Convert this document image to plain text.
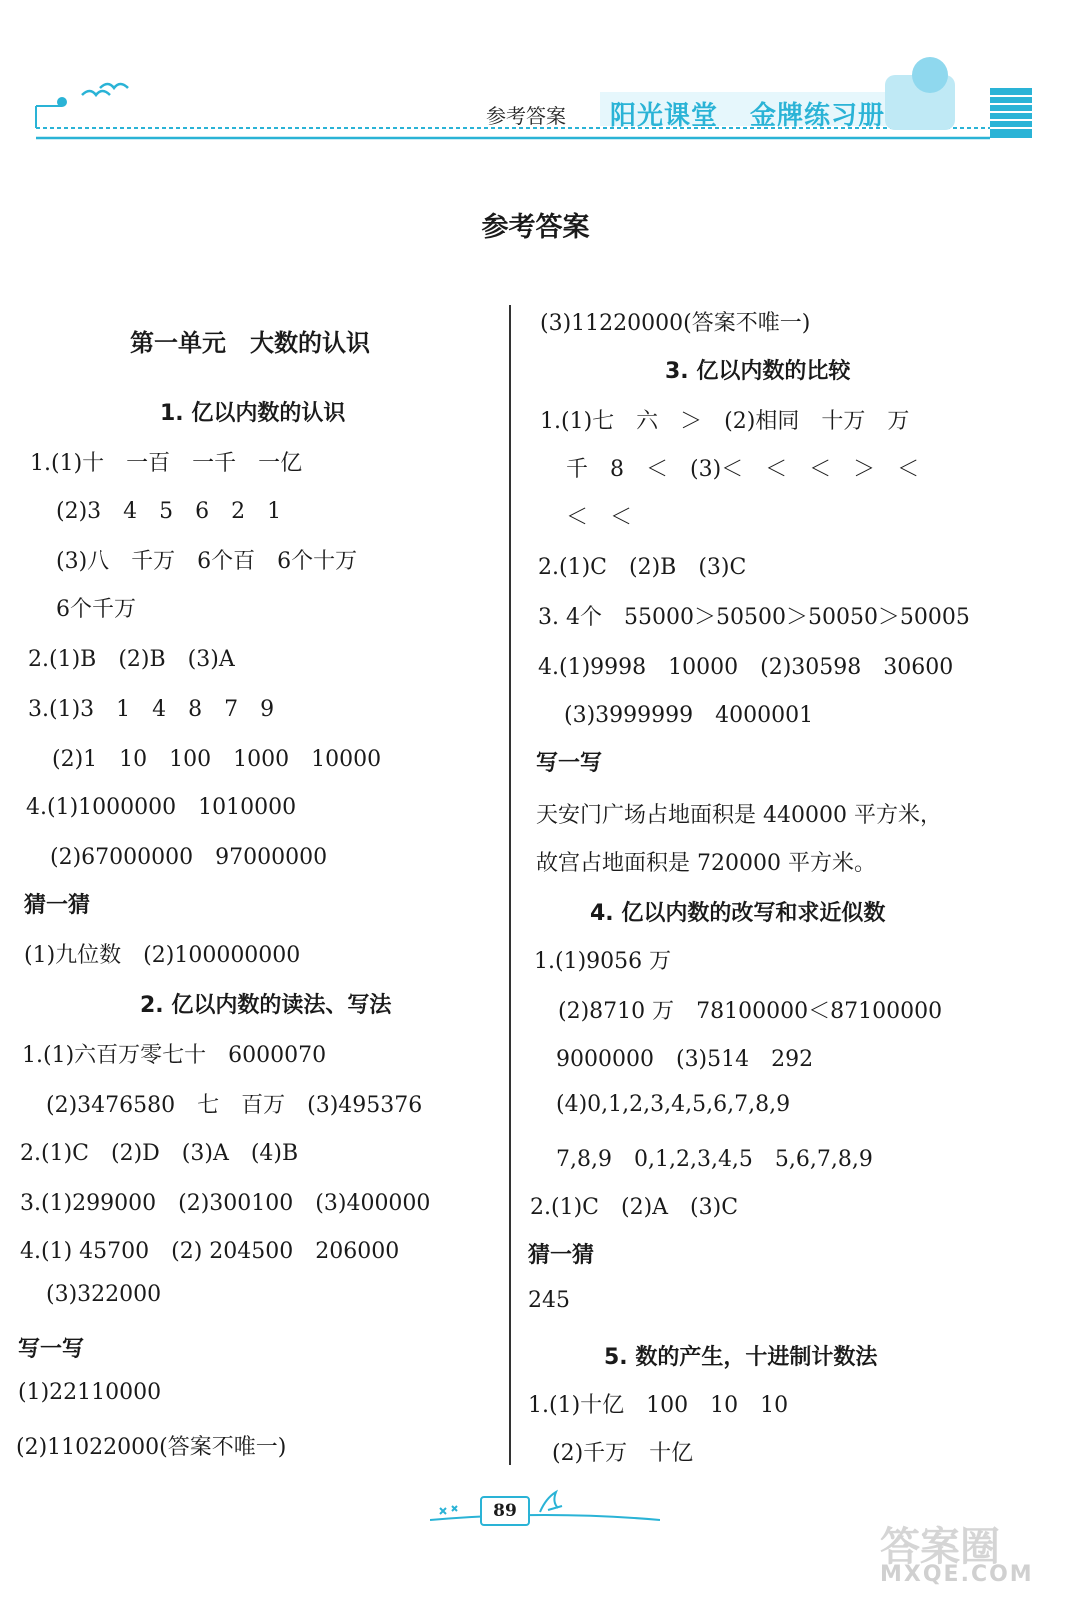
参考答案 阳光课堂 金牌练习册
参考答案
第一单元　大数的认识
1. 亿以内数的认识
1.(1)十　一百　一千　一亿
(2)3　4　5　6　2　1
(3)八　千万　6个百　6个十万
6个千万
2.(1)B　(2)B　(3)A
3.(1)3　1　4　8　7　9
(2)1　10　100　1000　10000
4.(1)1000000　1010000
(2)67000000　97000000
猜一猜
(1)九位数　(2)100000000
2. 亿以内数的读法、写法
1.(1)六百万零七十　6000070
(2)3476580　七　百万　(3)495376
2.(1)C　(2)D　(3)A　(4)B
3.(1)299000　(2)300100　(3)400000
4.(1) 45700　(2) 204500　206000
(3)322000
写一写
(1)22110000
(2)11022000(答案不唯一)
(3)11220000(答案不唯一)
3. 亿以内数的比较
1.(1)七　六　＞　(2)相同　十万　万
千　8　＜　(3)＜　＜　＜　＞　＜
＜　＜
2.(1)C　(2)B　(3)C
3. 4个　55000＞50500＞50050＞50005
4.(1)9998　10000　(2)30598　30600
(3)3999999　4000001
写一写
天安门广场占地面积是 440000 平方米，
故宫占地面积是 720000 平方米。
4. 亿以内数的改写和求近似数
1.(1)9056 万
(2)8710 万　78100000＜87100000
9000000　(3)514　292
(4)0,1,2,3,4,5,6,7,8,9
7,8,9　0,1,2,3,4,5　5,6,7,8,9
2.(1)C　(2)A　(3)C
猜一猜
245
5. 数的产生，十进制计数法
1.(1)十亿　100　10　10
(2)千万　十亿
89
答案圈
MXQE.COM
